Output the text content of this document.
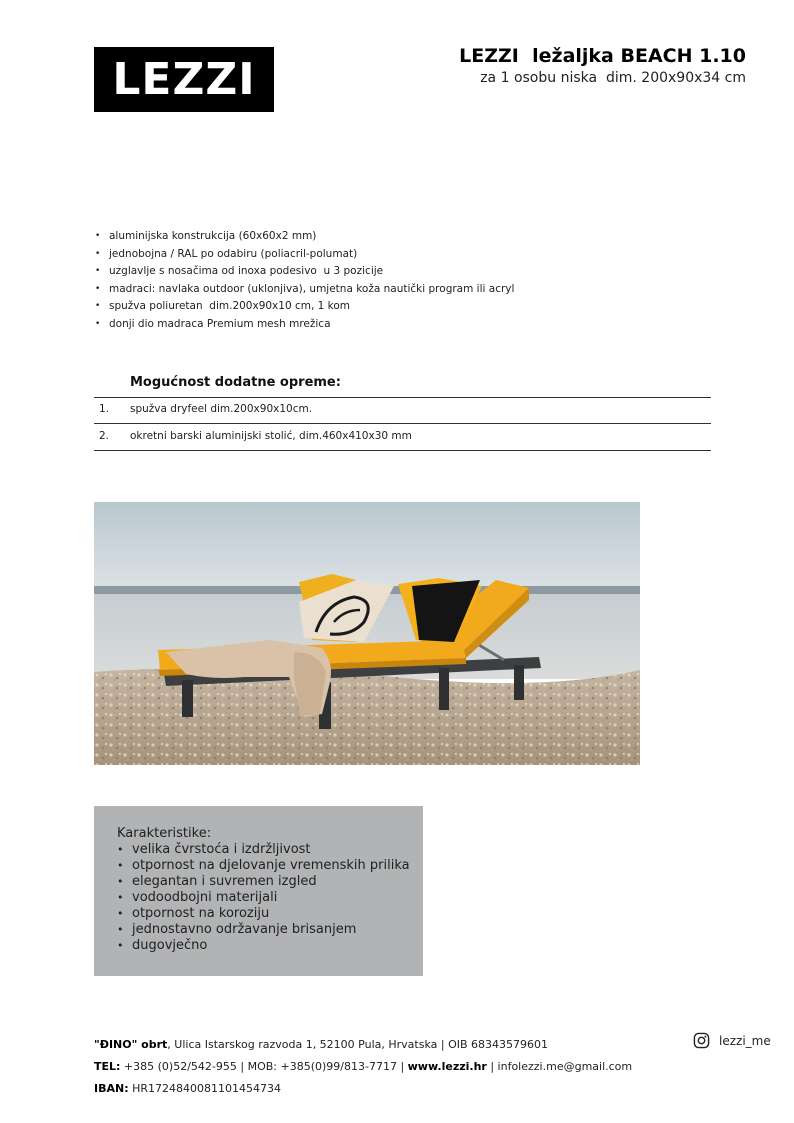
LEZZI	LEZZI  ležaljka BEACH 1.10
za 1 osobu niska  dim. 200x90x34 cm
• aluminijska konstrukcija (60x60x2 mm)
• jednobojna / RAL po odabiru (poliacril-polumat)
• uzglavlje s nosačima od inoxa podesivo  u 3 pozicije
• madraci: navlaka outdoor (uklonjiva), umjetna koža nautički program ili acryl
• spužva poliuretan  dim.200x90x10 cm, 1 kom
• donji dio madraca Premium mesh mrežica
Mogućnost dodatne opreme:
1. spužva dryfeel dim.200x90x10cm.
2. okretni barski aluminijski stolić, dim.460x410x30 mm
Karakteristike:
• velika čvrstoća i izdržljivost
• otpornost na djelovanje vremenskih prilika
• elegantan i suvremen izgled
• vodoodbojni materijali
• otpornost na koroziju
• jednostavno održavanje brisanjem
• dugovječno
"ĐINO" obrt, Ulica Istarskog razvoda 1, 52100 Pula, Hrvatska | OIB 68343579601
TEL: +385 (0)52/542-955 | MOB: +385(0)99/813-7717 | www.lezzi.hr | infolezzi.me@gmail.com
IBAN: HR1724840081101454734
lezzi_me
